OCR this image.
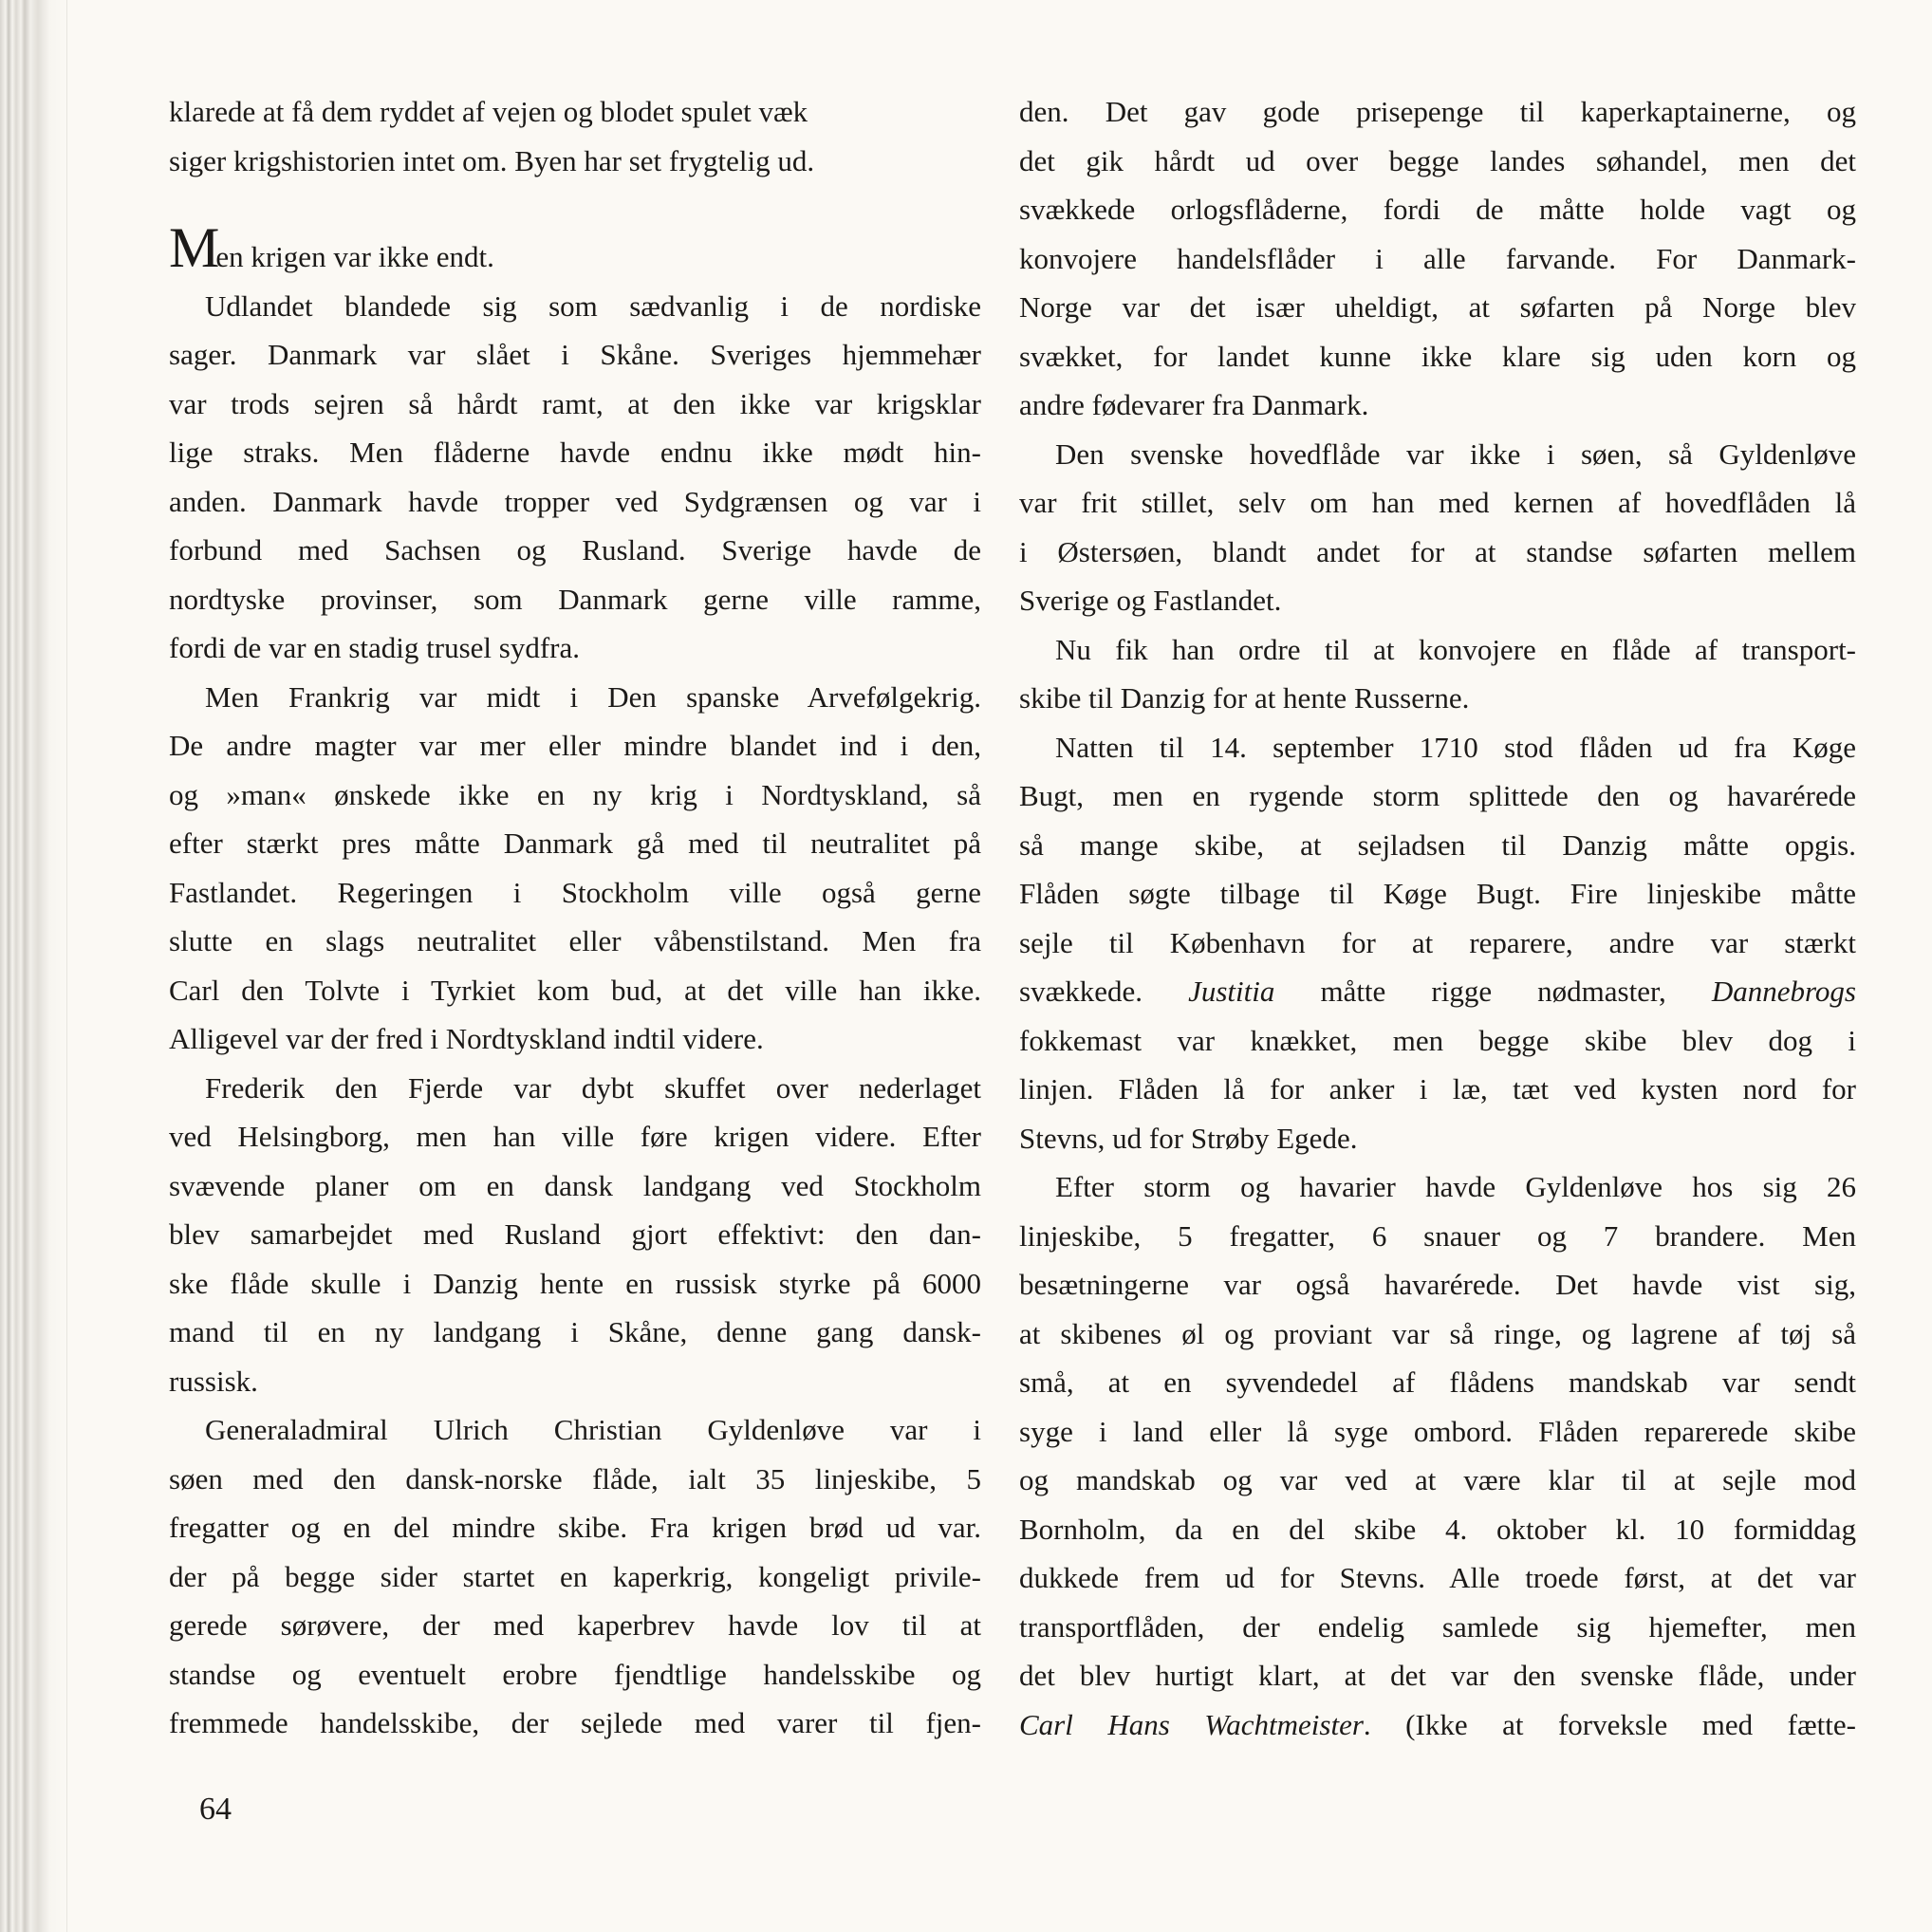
klarede at få dem ryddet af vejen og blodet spulet væk
siger krigshistorien intet om. Byen har set frygtelig ud.

Men krigen var ikke endt.

Udlandet blandede sig som sædvanlig i de nordiske
sager. Danmark var slået i Skåne. Sveriges hjemmehær
var trods sejren så hårdt ramt, at den ikke var krigsklar
lige straks. Men flåderne havde endnu ikke mødt hin-
anden. Danmark havde tropper ved Sydgrænsen og var i
forbund med Sachsen og Rusland. Sverige havde de
nordtyske provinser, som Danmark gerne ville ramme,

fordi de var en stadig trusel sydfra.

Men Frankrig var midt i Den spanske Arvefølgekrig.
De andre magter var mer eller mindre blandet ind i den,
og »man« ønskede ikke en ny krig i Nordtyskland, så
efter stærkt pres måtte Danmark gå med til neutralitet på
Fastlandet. Regeringen i Stockholm ville også gerne
slutte en slags neutralitet eller våbenstilstand. Men fra
Carl den Tolvte i Tyrkiet kom bud, at det ville han ikke.

Alligevel var der fred i Nordtyskland indtil videre.

Frederik den Fjerde var dybt skuffet over nederlaget
ved Helsingborg, men han ville føre krigen videre. Efter
svævende planer om en dansk landgang ved Stockholm
blev samarbejdet med Rusland gjort effektivt: den dan-
ske flåde skulle i Danzig hente en russisk styrke på 6000
mand til en ny landgang i Skåne, denne gang dansk-

russisk.

Generaladmiral Ulrich Christian Gyldenløve var i
søen med den dansk-norske flåde, ialt 35 linjeskibe, 5
fregatter og en del mindre skibe. Fra krigen brød ud var.
der på begge sider startet en kaperkrig, kongeligt privile-
gerede sørøvere, der med kaperbrev havde lov til at
standse og eventuelt erobre fjendtlige handelsskibe og
fremmede handelsskibe, der sejlede med varer til fjen-

den. Det gav gode prisepenge til kaperkaptainerne, og
det gik hårdt ud over begge landes søhandel, men det
svækkede orlogsflåderne, fordi de måtte holde vagt og
konvojere handelsflåder i alle farvande. For Danmark-
Norge var det især uheldigt, at søfarten på Norge blev
svækket, for landet kunne ikke klare sig uden korn og

andre fødevarer fra Danmark.

Den svenske hovedflåde var ikke i søen, så Gyldenløve
var frit stillet, selv om han med kernen af hovedflåden lå
i Østersøen, blandt andet for at standse søfarten mellem

Sverige og Fastlandet.

Nu fik han ordre til at konvojere en flåde af transport-

skibe til Danzig for at hente Russerne.

Natten til 14. september 1710 stod flåden ud fra Køge
Bugt, men en rygende storm splittede den og havarérede
så mange skibe, at sejladsen til Danzig måtte opgis.
Flåden søgte tilbage til Køge Bugt. Fire linjeskibe måtte
sejle til København for at reparere, andre var stærkt
svækkede. Justitia måtte rigge nødmaster, Dannebrogs
fokkemast var knækket, men begge skibe blev dog i
linjen. Flåden lå for anker i læ, tæt ved kysten nord for

Stevns, ud for Strøby Egede.

Efter storm og havarier havde Gyldenløve hos sig 26
linjeskibe, 5 fregatter, 6 snauer og 7 brandere. Men
besætningerne var også havarérede. Det havde vist sig,
at skibenes øl og proviant var så ringe, og lagrene af tøj så
små, at en syvendedel af flådens mandskab var sendt
syge i land eller lå syge ombord. Flåden reparerede skibe
og mandskab og var ved at være klar til at sejle mod
Bornholm, da en del skibe 4. oktober kl. 10 formiddag
dukkede frem ud for Stevns. Alle troede først, at det var
transportflåden, der endelig samlede sig hjemefter, men
det blev hurtigt klart, at det var den svenske flåde, under
Carl Hans Wachtmeister. (Ikke at forveksle med fætte-

64
